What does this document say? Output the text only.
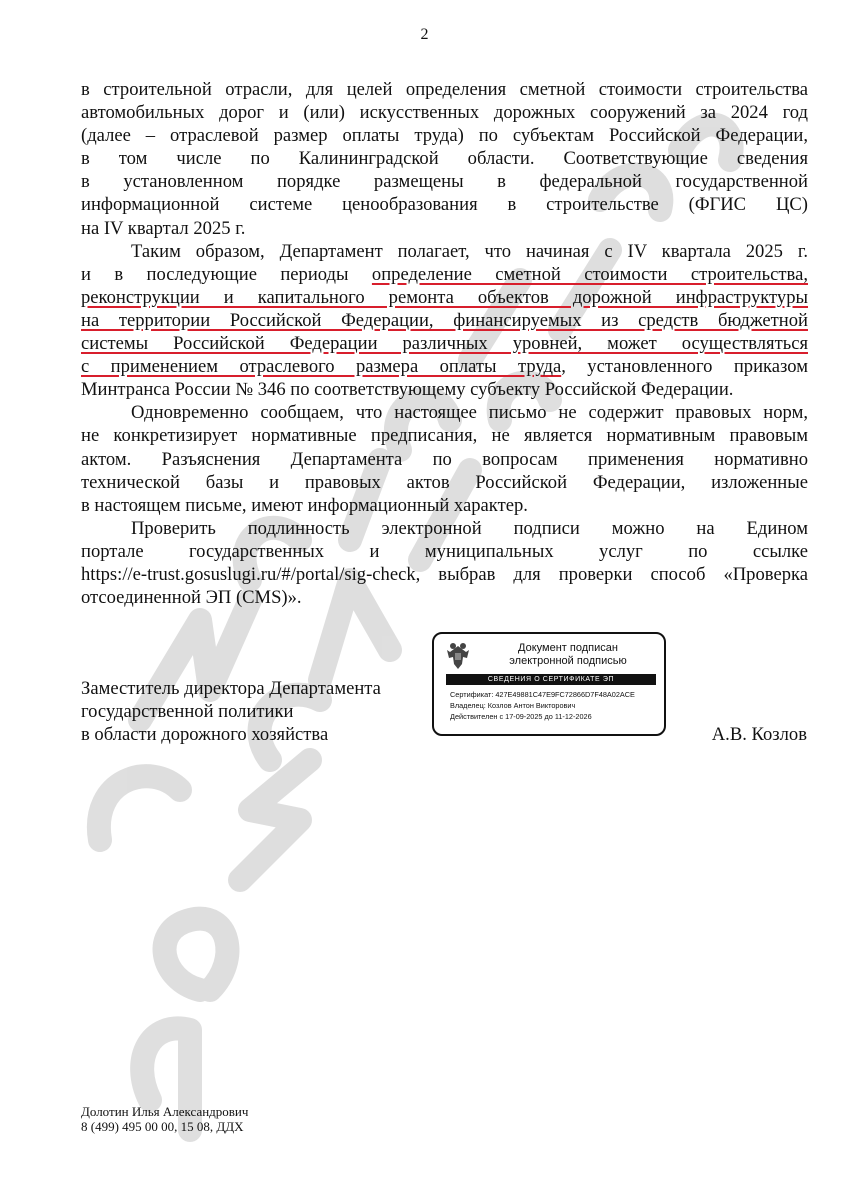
2

в строительной отрасли, для целей определения сметной стоимости строительства
автомобильных дорог и (или) искусственных дорожных сооружений за 2024 год
(далее – отраслевой размер оплаты труда) по субъектам Российской Федерации,
в том числе по Калининградской области. Соответствующие сведения
в установленном порядке размещены в федеральной государственной
информационной системе ценообразования в строительстве (ФГИС ЦС)
на IV квартал 2025 г.

Таким образом, Департамент полагает, что начиная с IV квартала 2025 г.
и в последующие периоды определение сметной стоимости строительства,
реконструкции и капитального ремонта объектов дорожной инфраструктуры
на территории Российской Федерации, финансируемых из средств бюджетной
системы Российской Федерации различных уровней, может осуществляться
с применением отраслевого размера оплаты труда, установленного приказом
Минтранса России № 346 по соответствующему субъекту Российской Федерации.

Одновременно сообщаем, что настоящее письмо не содержит правовых норм,
не конкретизирует нормативные предписания, не является нормативным правовым
актом. Разъяснения Департамента по вопросам применения нормативно
технической базы и правовых актов Российской Федерации, изложенные
в настоящем письме, имеют информационный характер.

Проверить подлинность электронной подписи можно на Едином
портале государственных и муниципальных услуг по ссылке
https://e-trust.gosuslugi.ru/#/portal/sig-check, выбрав для проверки способ «Проверка
отсоединенной ЭП (CMS)».

Заместитель директора Департамента
государственной политики
в области дорожного хозяйства
Документ подписан
электронной подписью
СВЕДЕНИЯ О СЕРТИФИКАТЕ ЭП
Сертификат: 427E49881C47E9FC72866D7F48A02ACE
Владелец: Козлов Антон Викторович
Действителен с 17-09-2025 до 11-12-2026
А.В. Козлов
Долотин Илья Александрович
8 (499) 495 00 00, 15 08, ДДХ
